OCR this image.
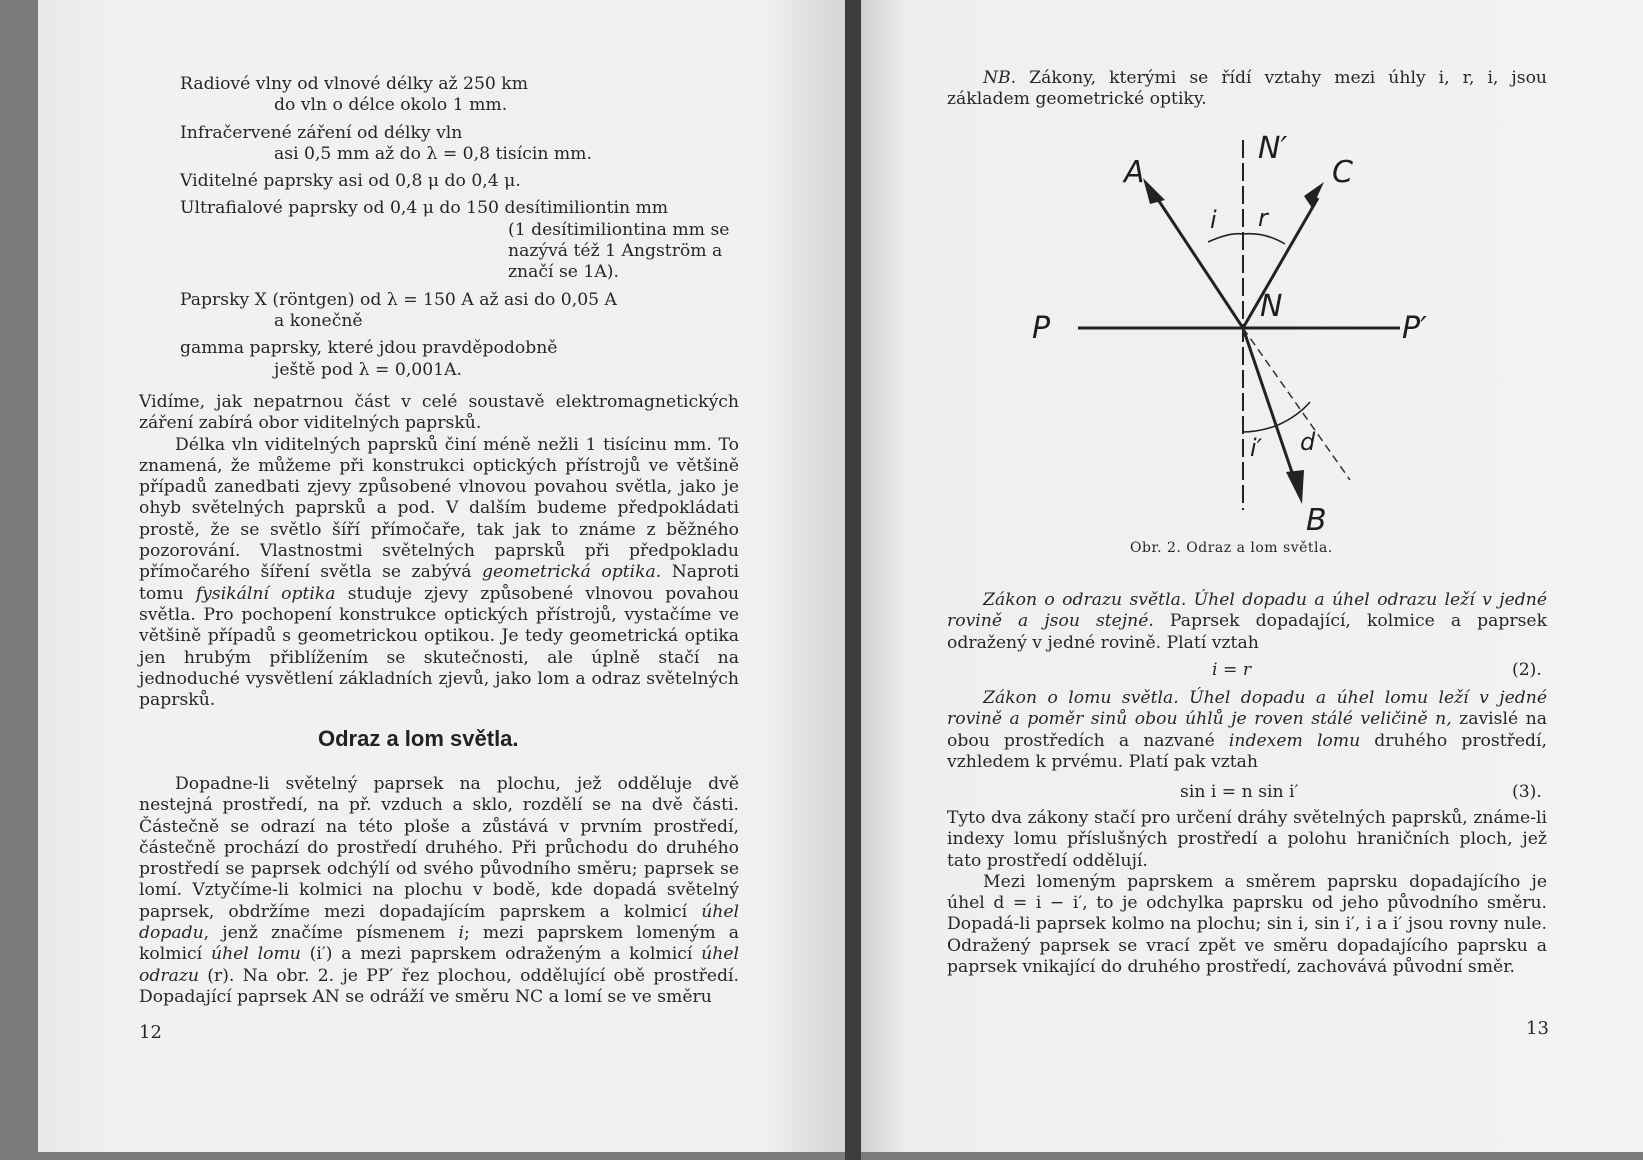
Radiové vlny od vlnové délky až 250 km
do vln o délce okolo 1 mm.

Infračervené záření od délky vln
asi 0,5 mm až do λ = 0,8 tisícin mm.

Viditelné paprsky asi od 0,8 μ do 0,4 μ.

Ultrafialové paprsky od 0,4 μ do 150 desítimiliontin mm

(1 desítimiliontina mm se
nazývá též 1 Angström a
značí se 1A).

Paprsky X (röntgen) od λ = 150 A až asi do 0,05 A
a konečně

gamma paprsky, které jdou pravděpodobně
ještě pod λ = 0,001A.

Vidíme, jak nepatrnou část v celé soustavě elektromagnetických záření zabírá obor viditelných paprsků.

Délka vln viditelných paprsků činí méně nežli 1 tisícinu mm. To znamená, že můžeme při konstrukci optických přístrojů ve většině případů zanedbati zjevy způsobené vlnovou povahou světla, jako je ohyb světelných paprsků a pod. V dalším budeme předpokládati prostě, že se světlo šíří přímočaře, tak jak to známe z běžného pozorování. Vlastnostmi světelných paprsků při předpokladu přímočarého šíření světla se zabývá geometrická optika. Naproti tomu fysikální optika studuje zjevy způsobené vlnovou povahou světla. Pro pochopení konstrukce optických přístrojů, vystačíme ve většině případů s geometrickou optikou. Je tedy geometrická optika jen hrubým přiblížením se skutečnosti, ale úplně stačí na jednoduché vysvětlení základních zjevů, jako lom a odraz světelných paprsků.

Odraz a lom světla.

Dopadne-li světelný paprsek na plochu, jež odděluje dvě nestejná prostředí, na př. vzduch a sklo, rozdělí se na dvě části. Částečně se odrazí na této ploše a zůstává v prvním prostředí, částečně prochází do prostředí druhého. Při průchodu do druhého prostředí se paprsek odchýlí od svého původního směru; paprsek se lomí. Vztyčíme-li kolmici na plochu v bodě, kde dopadá světelný paprsek, obdržíme mezi dopadajícím paprskem a kolmicí úhel dopadu, jenž značíme písmenem i; mezi paprskem lomeným a kolmicí úhel lomu (i′) a mezi paprskem odraženým a kolmicí úhel odrazu (r). Na obr. 2. je PP′ řez plochou, oddělující obě prostředí. Dopadající paprsek AN se odráží ve směru NC a lomí se ve směru

12

NB. Zákony, kterými se řídí vztahy mezi úhly i, r, i, jsou základem geometrické optiky.

A
N′
C
i r
N
P	P′
i′ d
B
Obr. 2. Odraz a lom světla.

Zákon o odrazu světla. Úhel dopadu a úhel odrazu leží v jedné rovině a jsou stejné. Paprsek dopadající, kolmice a paprsek odražený v jedné rovině. Platí vztah

i = r	(2).

Zákon o lomu světla. Úhel dopadu a úhel lomu leží v jedné rovině a poměr sinů obou úhlů je roven stálé veličině n, zavislé na obou prostředích a nazvané indexem lomu druhého prostředí, vzhledem k prvému. Platí pak vztah

sin i = n sin i′	(3).

Tyto dva zákony stačí pro určení dráhy světelných paprsků, známe-li indexy lomu příslušných prostředí a polohu hraničních ploch, jež tato prostředí oddělují.

Mezi lomeným paprskem a směrem paprsku dopadajícího je úhel d = i − i′, to je odchylka paprsku od jeho původního směru. Dopadá-li paprsek kolmo na plochu; sin i, sin i′, i a i′ jsou rovny nule. Odražený paprsek se vrací zpět ve směru dopadajícího paprsku a paprsek vnikající do druhého prostředí, zachovává původní směr.

13
